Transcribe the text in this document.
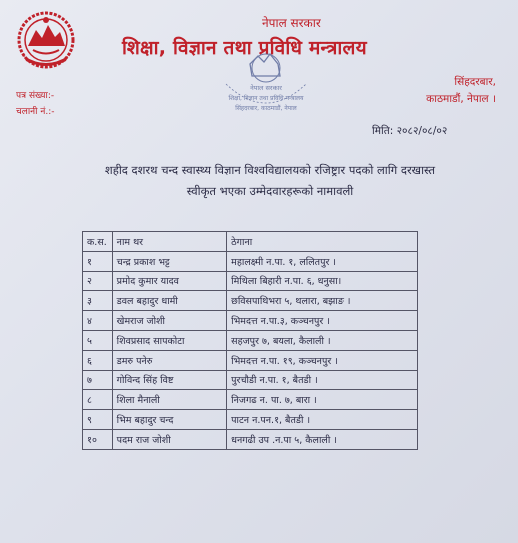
नेपाल सरकार
शिक्षा, विज्ञान तथा प्रविधि मन्त्रालय
नेपाल सरकार
शिक्षा, विज्ञान तथा प्रविधि मन्त्रालय
सिंहदरबार, काठमाडौं, नेपाल
पत्र संख्या:-
चलानी नं.:-
सिंहदरबार,
काठमाडौं, नेपाल ।
मिति: २०८२/०८/०२
शहीद दशरथ चन्द स्वास्थ्य विज्ञान विश्वविद्यालयको रजिष्ट्रार पदको लागि दरखास्त
स्वीकृत भएका उम्मेदवारहरूको नामावली
क.स.	नाम थर	ठेगाना
१	चन्द्र प्रकाश भट्ट	महालक्ष्मी न.पा. १, ललितपुर ।
२	प्रमोद कुमार यादव	मिथिला बिहारी न.पा. ६, धनुसा।
३	डवल बहादुर धामी	छविसपाथिभरा ५, थलारा, बझाङ ।
४	खेमराज जोशी	भिमदत्त न.पा.३, कञ्चनपुर ।
५	शिवप्रसाद सापकोटा	सहजपुर ७, बयला, कैलाली ।
६	डमरु पनेरु	भिमदत्त न.पा. १९, कञ्चनपुर ।
७	गोविन्द सिंह विष्ट	पुरचौडी न.पा. १, बैतडी ।
८	शिला मैनाली	निजगढ न. पा. ७, बारा ।
९	भिम बहादुर चन्द	पाटन न.पन.१, बैतडी ।
१०	पदम राज जोशी	धनगढी उप .न.पा ५, कैलाली ।
